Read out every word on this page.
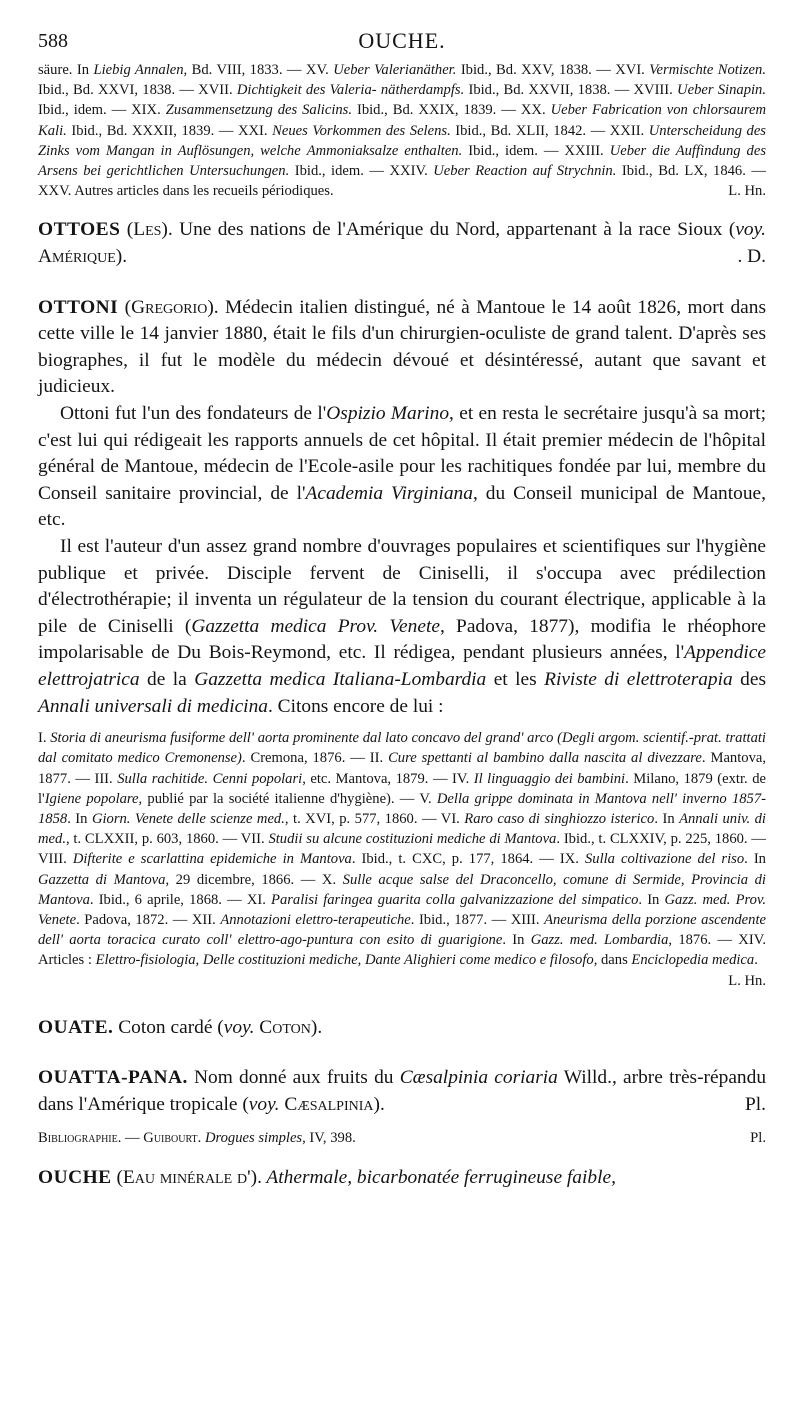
588	OUCHE.
säure. In Liebig Annalen, Bd. VIII, 1833. — XV. Ueber Valerianäther. Ibid., Bd. XXV, 1838. — XVI. Vermischte Notizen. Ibid., Bd. XXVI, 1838. — XVII. Dichtigkeit des Valeria- nätherdampfs. Ibid., Bd. XXVII, 1838. — XVIII. Ueber Sinapin. Ibid., idem. — XIX. Zusammensetzung des Salicins. Ibid., Bd. XXIX, 1839. — XX. Ueber Fabrication von chlorsaurem Kali. Ibid., Bd. XXXII, 1839. — XXI. Neues Vorkommen des Selens. Ibid., Bd. XLII, 1842. — XXII. Unterscheidung des Zinks vom Mangan in Auflösungen, welche Ammoniaksalze enthalten. Ibid., idem. — XXIII. Ueber die Auffindung des Arsens bei gerichtlichen Untersuchungen. Ibid., idem. — XXIV. Ueber Reaction auf Strychnin. Ibid., Bd. LX, 1846. — XXV. Autres articles dans les recueils périodiques.	L. Hn.

OTTOES (Les). Une des nations de l'Amérique du Nord, appartenant à la race Sioux (voy. Amérique).	. D.

OTTONI (Gregorio). Médecin italien distingué, né à Mantoue le 14 août 1826, mort dans cette ville le 14 janvier 1880, était le fils d'un chirurgien-oculiste de grand talent. D'après ses biographes, il fut le modèle du médecin dévoué et désintéressé, autant que savant et judicieux.

Ottoni fut l'un des fondateurs de l'Ospizio Marino, et en resta le secrétaire jusqu'à sa mort; c'est lui qui rédigeait les rapports annuels de cet hôpital. Il était premier médecin de l'hôpital général de Mantoue, médecin de l'Ecole-asile pour les rachitiques fondée par lui, membre du Conseil sanitaire provincial, de l'Academia Virginiana, du Conseil municipal de Mantoue, etc.

Il est l'auteur d'un assez grand nombre d'ouvrages populaires et scientifiques sur l'hygiène publique et privée. Disciple fervent de Ciniselli, il s'occupa avec prédilection d'électrothérapie; il inventa un régulateur de la tension du courant électrique, applicable à la pile de Ciniselli (Gazzetta medica Prov. Venete, Padova, 1877), modifia le rhéophore impolarisable de Du Bois-Reymond, etc. Il rédigea, pendant plusieurs années, l'Appendice elettrojatrica de la Gazzetta medica Italiana-Lombardia et les Riviste di elettroterapia des Annali universali di medicina. Citons encore de lui :

I. Storia di aneurisma fusiforme dell' aorta prominente dal lato concavo del grand' arco (Degli argom. scientif.-prat. trattati dal comitato medico Cremonense). Cremona, 1876. — II. Cure spettanti al bambino dalla nascita al divezzare. Mantova, 1877. — III. Sulla rachitide. Cenni popolari, etc. Mantova, 1879. — IV. Il linguaggio dei bambini. Milano, 1879 (extr. de l'Igiene popolare, publié par la société italienne d'hygiène). — V. Della grippe dominata in Mantova nell' inverno 1857-1858. In Giorn. Venete delle scienze med., t. XVI, p. 577, 1860. — VI. Raro caso di singhiozzo isterico. In Annali univ. di med., t. CLXXII, p. 603, 1860. — VII. Studii su alcune costituzioni mediche di Mantova. Ibid., t. CLXXIV, p. 225, 1860. — VIII. Difterite e scarlattina epidemiche in Mantova. Ibid., t. CXC, p. 177, 1864. — IX. Sulla coltivazione del riso. In Gazzetta di Mantova, 29 dicembre, 1866. — X. Sulle acque salse del Draconcello, comune di Sermide, Provincia di Mantova. Ibid., 6 aprile, 1868. — XI. Paralisi faringea guarita colla galvanizzazione del simpatico. In Gazz. med. Prov. Venete. Padova, 1872. — XII. Annotazioni elettro-terapeutiche. Ibid., 1877. — XIII. Aneurisma della porzione ascendente dell' aorta toracica curato coll' elettro-ago-puntura con esito di guarigione. In Gazz. med. Lombardia, 1876. — XIV. Articles : Elettro-fisiologia, Delle costituzioni mediche, Dante Alighieri come medico e filosofo, dans Enciclopedia medica.
L. Hn.

OUATE. Coton cardé (voy. Coton).

OUATTA-PANA. Nom donné aux fruits du Cæsalpinia coriaria Willd., arbre très-répandu dans l'Amérique tropicale (voy. Cæsalpinia).	Pl.

Bibliographie. — Guibourt. Drogues simples, IV, 398.	Pl.

OUCHE (Eau minérale d'). Athermale, bicarbonatée ferrugineuse faible,
